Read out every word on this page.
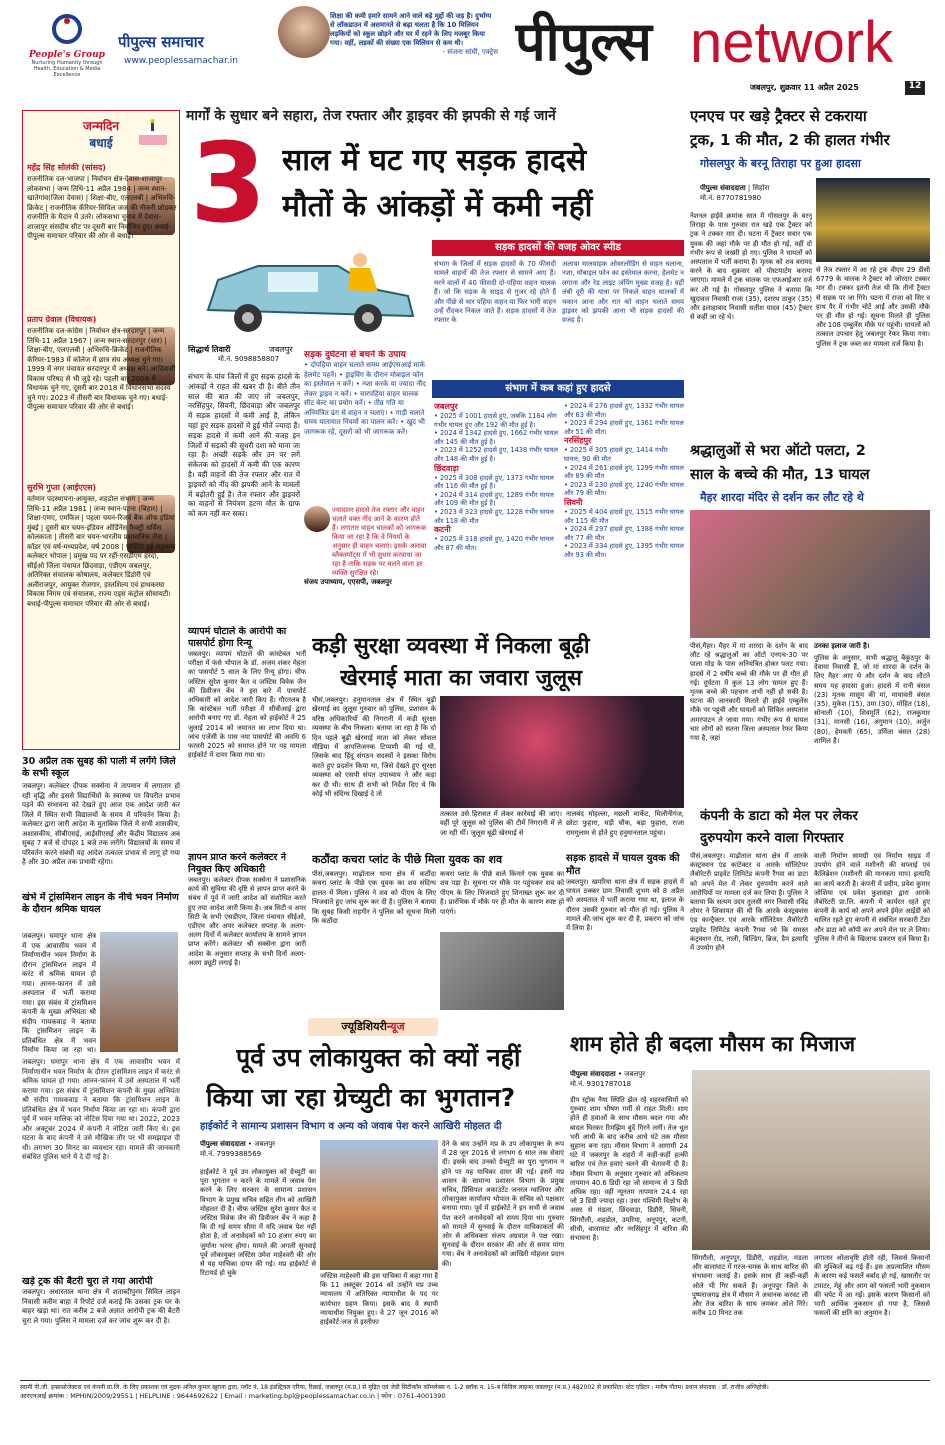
People's Group
Nurturing Humanity through Health, Education & Media Excellence
पीपुल्स समाचार
www.peoplessamachar.in
शिक्षा की कमी हमारे सामने आने वाले बड़े मुद्दों की जड़ है। दुर्भाग्य से लॉकडाउन में असमानते से बढ़ा चलता है कि 10 मिलियन लड़कियों को स्कूल छोड़ने और घर में रहने के लिए मजबूर किया गया। वहीं, लड़कों की संख्या एक मिलियन से कम थी।
- संजना सांघी, एक्ट्रेस पीपुल्स network
जबलपुर, शुक्रवार 11 अप्रैल 2025	12
जन्मदिन
बधाई
महेंद्र सिंह सोलंकी (सांसद)
राजनीतिक दल-भाजपा | निर्वाचन क्षेत्र-देवास-शाजापुर लोकसभा | जन्म तिथि-11 अप्रैल 1984 | जन्म स्थान-खातेगांव(जिला देवास) | शिक्षा-बीए, एलएलबी | अभिरुचि-क्रिकेट | राजनीतिक कॅरियर-सिविल जज की नौकरी छोड़कर राजनीति के मैदान में उतरे। लोकसभा चुनाव में देवास-शाजापुर संसदीय सीट पर दूसरी बार निर्वाचित हुए। बधाई-पीपुल्स समाचार परिवार की ओर से बधाई।
प्रताप ग्रेवाल (विधायक)
राजनीतिक दल-कांग्रेस | निर्वाचन क्षेत्र-सरदारपुर | जन्म तिथि-11 अप्रैल 1967 | जन्म स्थान-सरदारपुर (धार) | शिक्षा-बीए, एलएलबी | अभिरुचि-क्रिकेट | राजनीतिक कॅरियर-1983 में कॉलेज में छात्र संघ अध्यक्ष चुने गए। 1999 में नगर पंचायत सरदारपुर में अध्यक्ष बने। आदिवासी विकास परिषद से भी जुड़े रहे। पहली बार 2008 में विधायक चुने गए, दूसरी बार 2018 में विधानसभा सदस्य चुने गए। 2023 में तीसरी बार विधायक चुने गए। बधाई-पीपुल्स समाचार परिवार की ओर से बधाई।
सुरभि गुप्ता (आईएएस)
वर्तमान पदस्थापना-आयुक्त, शहडोल संभाग | जन्म तिथि-11 अप्रैल 1981 | जन्म स्थान-पटना (बिहार) | शिक्षा-एमए, एमफिल | पहला चयन-रिजर्व बैंक ऑफ इंडिया मुंबई | दूसरी बार चयन-इंडियन ऑर्डिनेंस फैक्ट्री सर्विस कोलकाता | तीसरी बार चयन-भारतीय प्रशासनिक सेवा | कॉडर एवं वर्ष-मध्यप्रदेश, वर्ष 2008 | पोस्टिंग हुई-सहायक कलेक्टर भोपाल | प्रमुख पद पर रहीं-एसडीएम हरदा, सीईओ जिला पंचायत छिंदवाड़ा, एडीएम जबलपुर, अतिरिक्त संचालक कोषालय, कलेक्टर डिंडोरी एवं अलीराजपुर, आयुक्त रोजगार, हस्तशिल्प एवं हाथकरघा विकास निगम एवं संचालक, राज्य एड्स कंट्रोल सोसायटी। बधाई-पीपुल्स समाचार परिवार की ओर से बधाई।
30 अप्रैल तक सुबह की पाली में लगेंगे जिले के सभी स्कूल
जबलपुर। कलेक्टर दीपक सक्सेना ने तापमान में लगातार हो रही वृद्धि और इससे विद्यार्थियों के स्वास्थ्य पर विपरीत प्रभाव पड़ने की संभावना को देखते हुए आज एक आदेश जारी कर जिले में स्थित सभी विद्यालयों के समय में परिवर्तन किया है। कलेक्टर द्वारा जारी आदेश के मुताबिक जिले में सभी शासकीय, अशासकीय, सीबीएसई, आईसीएसई और केंद्रीय विद्यालय अब सुबह 7 बजे से दोपहर 1 बजे तक लगेंगे। विद्यालयों के समय में परिवर्तन करने संबंधी यह आदेश तत्काल प्रभाव से लागू हो गया है और 30 अप्रैल तक प्रभावी रहेगा।
खंभे में ट्रांसमिशन लाइन के नीचे भवन निर्माण के दौरान श्रमिक घायल
जबलपुर। घमापुर थाना क्षेत्र में एक आवासीय भवन में निर्माणाधीन भवन निर्माण के दौरान ट्रांसमिशन लाइन में करंट से श्रमिक घायल हो गया। आनन-फानन में उसे अस्पताल में भर्ती कराया गया। इस संबंध में ट्रांसमिशन कंपनी के मुख्य अभियंता श्री संदीप गायकवाड़ ने बताया कि ट्रांसमिशन लाइन के प्रतिबंधित क्षेत्र में भवन निर्माण किया जा रहा था।
जबलपुर। घमापुर थाना क्षेत्र में एक आवासीय भवन में निर्माणाधीन भवन निर्माण के दौरान ट्रांसमिशन लाइन में करंट से श्रमिक घायल हो गया। आनन-फानन में उसे अस्पताल में भर्ती कराया गया। इस संबंध में ट्रांसमिशन कंपनी के मुख्य अभियंता श्री संदीप गायकवाड़ ने बताया कि ट्रांसमिशन लाइन के प्रतिबंधित क्षेत्र में भवन निर्माण किया जा रहा था। कंपनी द्वारा पूर्व में भवन मालिक को नोटिस दिया गया था। 2022, 2023 और अक्टूबर 2024 में कंपनी ने नोटिस जारी किए थे। इस घटना के बाद कंपनी ने उसे मौखिक तौर पर भी समझाइश दी थी। लगभग 30 मिनट का व्यवधान रहा। मामले की जानकारी संबंधित पुलिस थाने में दे दी गई है।
खड़े ट्रक की बैटरी चुरा ले गया आरोपी
जबलपुर। अधारताल थाना क्षेत्र में शताब्दीपुरम सिविल लाइन निवासी करीम बाहा ने रिपोर्ट दर्ज कराई कि उसका ट्रक घर के बाहर खड़ा था। रात करीब 2 बजे अज्ञात आरोपी ट्रक की बैटरी चुरा ले गया। पुलिस ने मामला दर्ज कर जांच शुरू कर दी है।
मार्गों के सुधार बने सहारा, तेज रफ्तार और ड्राइवर की झपकी से गई जानें
3 साल में घट गए सड़क हादसे
मौतों के आंकड़ों में कमी नहीं
सिद्धार्थ तिवारी	जबलपुर
मो.नं. 9098858807
संभाग के पांच जिलों में हुए सड़क हादसे के आंकड़ों ने राहत की खबर दी है। बीते तीन साल की बात की जाए तो जबलपुर, नरसिंहपुर, सिवनी, छिंदवाड़ा और जबलपुर में सड़क हादसों में कमी आई है, लेकिन यहां हुए सड़क हादसों में हुई मौतें ज्यादा हैं। सड़क हादसे में कमी आने की वजह इन जिलों में सड़कों की सुधरी दशा को माना जा रहा है। अच्छी सड़कें और उन पर लगे संकेतक को हादसों में कमी की एक कारण है। वहीं वाहनों की तेज रफ्तार और रात में ड्राइवरों को नींद की झपकी आने के मामलों में बढ़ोतरी हुई है। तेज रफ्तार और ड्राइवरों का वाहनों से नियंत्रण हटना मौत के ग्राफ को कम नहीं कर सका।
सड़क दुर्घटना से बचने के उपाय
• दोपहिया वाहन चलाते समय आईएसआई मार्क हेलमेट पहनें। • ड्राइविंग के दौरान मोबाइल फोन का इस्तेमाल न करें। • नशा करके या ज्यादा नींद लेकर ड्राइव न करें। • चारपहिया वाहन चालक सीट बेल्ट का प्रयोग करें। • तीव्र गति या अनियंत्रित ढंग से वाहन न चलाएं। • गाड़ी चलाते समय यातायात नियमों का पालन करें। • खुद भी जागरूक रहें, दूसरों को भी जागरूक करें।
ज्यादातर हादसे तेज रफ्तार और वाहन चलाते वक्त नींद आने के कारण होते हैं। लगातार वाहन चालकों को जागरूक किया जा रहा है कि वे नियमों के अनुसार ही वाहन चलाएं। इसके अलावा ब्लैकस्पॉट्स में भी सुधार करवाया जा रहा है ताकि सड़क पर चलने वाला हर व्यक्ति सुरक्षित रहे।
संजय उपाध्याय, एएसपी, जबलपुर
सड़क हादसों की वजह ओवर स्पीड
संभाग के जिलों में सड़क हादसों के 70 फीसदी मामले वाहनों की तेज रफ्तार से सामने आए हैं। मरने वालों में 40 फीसदी दो-पहिया वाहन चालक हैं। जो कि सड़क के साइड से गुजर रहे होते हैं और पीछे से चार पहिया वाहन या फिर भारी वाहन उन्हें रौंदकर निकल जाते हैं। सड़क हादसों में तेज रफ्तार के
अलावा मालवाहक ओवरलोडिंग से वाहन चलाना, नशा, मोबाइल फोन का इस्तेमाल करना, हेलमेट न लगाना और रेड लाइट जंपिंग मुख्य वजह है। वहीं लंबी दूरी की यात्रा पर निकले वाहन चालकों में थकान आना और रात को वाहन चलाते समय ड्राइवर को झपकी आना भी सड़क हादसों की वजह है।
संभाग में कब कहां हुए हादसे
जबलपुर
• 2025 में 1001 हादसे हुए, जबकि 1184 लोग गंभीर घायल हुए और 192 की मौत हुई है।
• 2024 में 1342 हादसे हुए, 1662 गंभीर घायल और 145 की मौत हुई है।
• 2023 में 1252 हादसे हुए, 1438 गंभीर घायल और 148 की मौत हुई है।
छिंदवाड़ा
• 2025 में 308 हादसे हुए, 1373 गंभीर घायल और 116 की मौत हुई है।
• 2024 में 314 हादसे हुए, 1289 गंभीर घायल और 109 की मौत हुई है।
• 2023 में 323 हादसे हुए, 1228 गंभीर घायल और 118 की मौत
कटनी
• 2025 में 318 हादसे हुए, 1420 गंभीर घायल और 87 की मौत।
• 2024 में 276 हादसे हुए, 1332 गंभीर घायल और 63 की मौत।
• 2023 में 294 हादसे हुए, 1361 गंभीर घायल और 51 की मौत।
नरसिंहपुर
• 2025 में 305 हादसे हुए, 1414 गंभीर घायल, 90 की मौत
• 2024 में 261 हादसे हुए, 1299 गंभीर घायल और 89 की मौत
• 2023 में 230 हादसे हुए, 1240 गंभीर घायल और 79 की मौत।
सिवनी
• 2025 में 404 हादसे हुए, 1515 गंभीर घायल और 115 की मौत
• 2024 में 297 हादसे हुए, 1388 गंभीर घायल और 77 की मौत
• 2023 में 334 हादसे हुए, 1395 गंभीर घायल और 93 की मौत।
व्यापमं घोटाले के आरोपी का पासपोर्ट होगा रिन्यू
जबलपुर। व्यापमं घोटाले की कांस्टेबल भर्ती परीक्षा में फंसे भोपाल के डॉ. अजय शंकर मेहता का पासपोर्ट 5 साल के लिए रिन्यू होगा। चीफ जस्टिस सुरेश कुमार कैत व जस्टिस विवेक जैन की डिवीजन बेंच ने इस बारे में पासपोर्ट अधिकारी को आदेश जारी किए हैं। गौरतलब है कि कांस्टेबल भर्ती परीक्षा में सीबीआई द्वारा आरोपी बनाए गए डॉ. मेहता को हाईकोर्ट ने 25 जुलाई 2014 को जमानत का लाभ दिया था। जांच एजेंसी के पास नया पासपोर्ट की अवधि 6 फरवरी 2025 को समाप्त होने पर यह मामला हाईकोर्ट में दायर किया गया था।
ज्ञापन प्राप्त करने कलेक्टर ने नियुक्त किए अधिकारी
जबलपुर। कलेक्टर दीपक सक्सेना ने प्रशासनिक कार्य की सुविधा की दृष्टि से ज्ञापन प्राप्त करने के संबंध में पूर्व में जारी आदेश को संशोधित करते हुए नया आदेश जारी किया है। अब सिटी व अपर सिटी के सभी एसडीएम, जिला पंचायत सीईओ, एडीएम और अपर कलेक्टर सप्ताह के अलग-अलग दिनों में कलेक्टर कार्यालय के सामने ज्ञापन प्राप्त करेंगे। कलेक्टर श्री सक्सेना द्वारा जारी आदेश के अनुसार सप्ताह के सभी दिनों अलग-अलग ड्यूटी लगाई है।
कड़ी सुरक्षा व्यवस्था में निकला बूढ़ी
खेरमाई माता का जवारा जुलूस
चीसं,जबलपुर। हनुमानताल क्षेत्र में स्थित बूढ़ी खेरमाई का जुलूस गुरुवार को पुलिस, प्रशासन के वरिष्ठ अधिकारियों की निगरानी में कड़ी सुरक्षा व्यवस्था के बीच निकला। बताया जा रहा है कि दो दिन पहले बूढ़ी खेरमाई माता को लेकर सोशल मीडिया में आपत्तिजनक टिप्पणी की गई थी, जिसके बाद हिंदू संगठन सदस्यों ने इसका विरोध करते हुए प्रदर्शन किया था, जिसे देखते हुए सुरक्षा व्यवस्था को एसपी संपत उपाध्याय ने और कड़ा कर दी थी। साथ ही सभी को निर्देश दिए थे कि कोई भी संदिग्ध दिखाई दे तो
तत्काल उसे हिरासत में लेकर कार्रवाई की जाए। वहीं पूरे जुलूस को पुलिस की टीमें निगरानी में ले जा रही थीं। जुलूस बूढ़ी खेरमाई से
नालबंद मोहल्ला, मछली मार्केट, मिलौनीगंज, छोटा फुहारा, घड़ी चौक, बड़ा फुहारा, राजा रामगुलाम से होते हुए हनुमानताल पहुंचा।
कठौंदा कचरा प्लांट के पीछे मिला युवक का शव
पीसं,जबलपुर। माढ़ोताल थाना क्षेत्र में कठौंदा कचरा प्लांट के पीछे एक युवक का शव संदिग्ध हालत में मिला। पुलिस ने शव को पीएम के लिए भिजवाते हुए जांच शुरू कर दी है। पुलिस ने बताया कि सुबह किसी राहगीर ने पुलिस को सूचना मिली कि कठौंदा
कचरा प्लांट के पीछे वाले किनारे एक युवक का शव पड़ा है। सूचना पर मौके पर पहुंचकर शव को पीएम के लिए भिजवाते हुए शिनाख्त शुरू कर दी है। प्रारंभिक में मौके पर ही मौत के कारण स्पष्ट हो पाएंगे।
सड़क हादसे में घायल युवक की मौत
जबलपुर। खमरिया थाना क्षेत्र में सड़क हादसे में घायल ठक्कर ग्राम निवासी शुभम को 8 अप्रैल को अस्पताल में भर्ती कराया गया था, इलाज के दौरान उसकी गुरुवार को मौत हो गई। पुलिस ने मामले की जांच शुरू कर दी है, प्रकरण को जांच में लिया है।
ज्यूडिशियरीन्यूज
पूर्व उप लोकायुक्त को क्यों नहीं
किया जा रहा ग्रेच्युटी का भुगतान?
हाईकोर्ट ने सामान्य प्रशासन विभाग व अन्य को जवाब पेश करने आखिरी मोहलत दी
पीपुल्स संवाददाता • जबलपुर
मो.नं. 7999388569
हाईकोर्ट ने पूर्व उप लोकायुक्त को ग्रेच्युटी का पूरा भुगतान न करने के मामले में जवाब पेश करने के लिए सरकार के सामान्य प्रशासन विभाग के प्रमुख सचिव सहित तीन को आखिरी मोहलत दी है। चीफ जस्टिस सुरेश कुमार कैत व जस्टिस विवेक जैन की डिवीजन बेंच ने कहा है कि दी गई समय सीमा में यदि जवाब पेश नहीं होता है, तो अनावेदकों को 10 हजार रुपए का जुर्माना भरना होगा। मामले की अगली सुनवाई पूर्व लोकायुक्त जस्टिस उमेश माहेश्वरी की ओर से यह याचिका दायर की गई। मप्र हाईकोर्ट से रिटायर्ड हो चुके	जस्टिस माहेश्वरी की इस याचिका में कहा गया है कि 11 अक्टूबर 2014 को उन्होंने मप्र उच्च न्यायालय में अतिरिक्त न्यायाधीश के पद पर कार्यभार ग्रहण किया। इसके बाद वे स्थायी न्यायाधीश नियुक्त हुए। वे 27 जून 2016 को हाईकोर्ट जज से इस्तीफा
देने के बाद उन्होंने मप्र के उप लोकायुक्त के रूप में 28 जून 2016 से लगभग 6 साल तक सेवाएं दीं। इसके बाद उनको ग्रेच्युटी का पूरा भुगतान न होने पर यह याचिका दायर की गई। इसमें मप्र शासन के सामान्य प्रशासन विभाग के प्रमुख सचिव, प्रिंसिपल अकाउंटेंट जनरल ग्वालियर और लोकायुक्त कार्यालय भोपाल के सचिव को पक्षकार बनाया गया। पूर्व में हाईकोर्ट ने इन सभी से जवाब पेश करने अनावेदकों को समय दिया था। गुरुवार को मामले में सुनवाई के दौरान याचिकाकर्ता की ओर से अधिवक्ता संजय अग्रवाल ने पक्ष रखा। सुनवाई के दौरान सरकार की ओर से समय मांगा गया। बेंच ने अनावेदकों को आखिरी मोहलत प्रदान की।
एनएच पर खड़े ट्रैक्टर से टकराया
ट्रक, 1 की मौत, 2 की हालत गंभीर
गोसलपुर के बरनू तिराहा पर हुआ हादसा
पीपुल्स संवाददाता | सिहोरा
मो.नं. 8770781980
नेशनल हाईवे क्रमांक सात में गोसलपुर के बरनू तिराहा के पास गुरुवार रात खड़े एक ट्रैक्टर को ट्रक ने टक्कर मार दी। घटना में ट्रैक्टर सवार एक युवक की जहां मौके पर ही मौत हो गई, वहीं दो गंभीर रूप से जख्मी हो गए। पुलिस ने घायलों को अस्पताल में भर्ती कराया है। मृतक को शव बरामद करने के बाद शुक्रवार को पोस्टमार्टम कराया जाएगा। मामले में ट्रक चालक पर एफआईआर दर्ज कर ली गई है। गोसलपुर पुलिस ने बताया कि खुदावल निवासी राजा (35), दशरथ ठाकुर (35) और इलाहाबाद निवासी सतीश यादव (45) ट्रैक्टर से कहीं जा रहे थे।
से तेज रफ्तार में आ रहे ट्रक वीएम 29 डीसी 6779 के चालक ने ट्रैक्टर को जोरदार टक्कर मार दी। टक्कर इतनी तेज थी कि तीनों ट्रैक्टर से सड़क पर जा गिरे। घटना में राजा को सिर व हाथ पैर में गंभीर चोटें आईं और उसकी मौके पर ही मौत हो गई। सूचना मिलते ही पुलिस और 108 एम्बुलेंस मौके पर पहुंची। घायलों को तत्काल उपचार हेतु जबलपुर रेफर किया गया। पुलिस ने ट्रक जब्त कर मामला दर्ज किया है।
श्रद्धालुओं से भरा ऑटो पलटा, 2
साल के बच्चे की मौत, 13 घायल
मैहर शारदा मंदिर से दर्शन कर लौट रहे थे
पीसं,मैहर। मैहर में मां शारदा के दर्शन के बाद लौट रहे श्रद्धालुओं का ऑटो एनएच-30 पर पाला मोड़ के पास अनियंत्रित होकर पलट गया। हादसे में 2 वर्षीय बच्चे की मौके पर ही मौत हो गई। दुर्घटना में कुल 13 लोग घायल हुए हैं। मृतक बच्चे की पहचान अभी नहीं हो सकी है। घटना की जानकारी मिलते ही हाईवे एम्बुलेंस मौके पर पहुंची और घायलों को सिविल अस्पताल अमरपाटन ले जाया गया। गंभीर रूप से घायल चार लोगों को सतना जिला अस्पताल रेफर किया गया है, जहां
उनका इलाज जारी है।
पुलिस के अनुसार, सभी श्रद्धालु बैकुंठपुर के देवाया निवासी हैं, जो मां शारदा के दर्शन के लिए मैहर आए थे और दर्शन के बाद लौटते समय यह हादसा हुआ। हादसे में रानी बंसल (23) मृतक मासूम की मां, मायावती बंसल (35), मुकेश (15), उमा (30), मोहित (18), सोनाली (10), शिवमूर्ति (62), राजकुमार (31), मानसी (16), अंगुमान (10), अर्जुन (80), हेमवती (65), उर्मिला बंसल (28) शामिल हैं।
कंपनी के डाटा को मेल पर लेकर
दुरुपयोग करने वाला गिरफ्तार
पीसं,जबलपुर। माढ़ोताल थाना क्षेत्र में आरके कंस्ट्रक्शन एंड कांटेक्टर व आरके सॉलिटेयर लैबोरेटरी प्राइवेट लिमिटेड कंपनी रैंगवा का डाटा को अपने मेल में लेकर दुरुपयोग करने वाले आरोपियों पर मामला दर्ज कर लिया है। पुलिस ने बताया कि सत्यम उदय तुलसी नगर निवासी रविंद्र तोमर ने शिकायत की थी कि आरके कंस्ट्रक्शंस एंड कान्ट्रैक्टर एवं आरके सॉलिटेयर लैबोरेटरी प्राइवेट लिमिटेड कंपनी रैंगवा जो कि समस्त कंट्रक्शन रोड, नाली, बिल्डिंग, ब्रिज, डैम इत्यादि में उपयोग होने
वाली निर्माण सामग्री एवं निर्माण साइड में उपयोग होने वाले मशीनरी की सप्लाई एवं कैलिब्रेशन (मशीनरी की मानकता माप) इत्यादि का कार्य करती है। कंपनी में प्रदीप, प्रवेश कुमार जोशिया एवं प्रवेश कुशवाहा द्वारा आरके लैबोरेटरी प्रा.लि. कंपनी में कार्यरत रहते हुए कंपनी के कार्य को अपने अपने ईमेल आईडी को चालित रहते हुए कंपनी से संबंधित सरकारी टेंडर और डाटा को कॉपी कर अपने मेल पर ले लिया। पुलिस ने तीनों के खिलाफ प्रकरण दर्ज किया है।
शाम होते ही बदला मौसम का मिजाज
पीपुल्स संवाददाता • जबलपुर
मो.नं. 9301787018
डीप स्ट्रोक नैया स्थिति झेल रहे शहरवासियों को गुरुवार शाम भीषण गर्मी से राहत मिली। शाम होते ही हवाओं के साथ मौसम बदल गया और बादल घिरकर रिमझिम बूंदें गिरने लगीं। तेज धूल भरी आंधी के बाद करीब आधे घंटे तक मौसम सुहाना बना रहा। मौसम विभाग ने आगामी 24 घंटे में जबलपुर के शहरों में कहीं-कहीं हल्की बारिश एवं तेज हवाएं चलने की चेतावनी दी है। मौसम विभाग के अनुसार गुरुवार को अधिकतम तापमान 40.6 डिग्री रहा जो सामान्य से 3 डिग्री अधिक रहा। वहीं न्यूनतम तापमान 24.4 रहा जो 3 डिग्री ज्यादा रहा। उधर पश्चिमी विक्षोभ के असर से मंडला, छिंदवाड़ा, डिंडौरी, सिवनी, सिंगरौली, शहडोल, उमरिया, अनूपपुर, कटनी, सीधी, बालाघाट और नरसिंहपुर में बारिश की संभावना है।
सिंगरौली, अनूपपुर, डिंडौरी, शहडोल, मंडला और बालाघाट में गरज-चमक के साथ बारिश की संभावना जताई है। इसके साथ ही कहीं-कहीं ओले भी गिर सकते हैं। अनूपपुर जिले के पुष्पराजगढ़ क्षेत्र में मौसम ने अचानक करवट ली और तेज बारिश के साथ जमकर ओले गिरे। करीब 10 मिनट तक
लगातार ओलावृष्टि होती रही, जिससे किसानों की मुश्किलें बढ़ गई हैं। इस अप्रत्याशित मौसम के कारण कई फसलें बर्बाद हो गई, खासतौर पर टमाटर, मेहूं और आम को फसलों भारी नुकसान की चपेट में आ गईं। इसके कारण किसानों को भारी आर्थिक नुकसान हो गया है, जिससे फसलों की क्षति का अनुमान है।
स्वामी पी.जी. इन्फ्राप्रोजेक्टस एवं कंपनी प्रा.लि. के लिए प्रकाशक एवं मुद्रक अनिल कुमार खुराना द्वारा, प्लॉट नं. 18 इंडस्ट्रियल एरिया, रिछाई, जबलपुर (म.प्र.) से मुद्रित एवं जेडी सिटीकॉम कॉम्प्लेक्स न. 1-2 ब्लॉक न. 15-ब सिविल लाइन्स जबलपुर (म.प्र.) 482002 से प्रकाशित। स्टेट एडिटर : मनीष गौतम। प्रधान संपादक : डॉ. राजीव अग्निहोत्री।
आरएनआई क्रमांक : MPHIN/2009/29551 | HELPLINE : 9644692622 | Email : marketing.bpl@peoplessamachar.co.in | फोन : 0761-4001390
